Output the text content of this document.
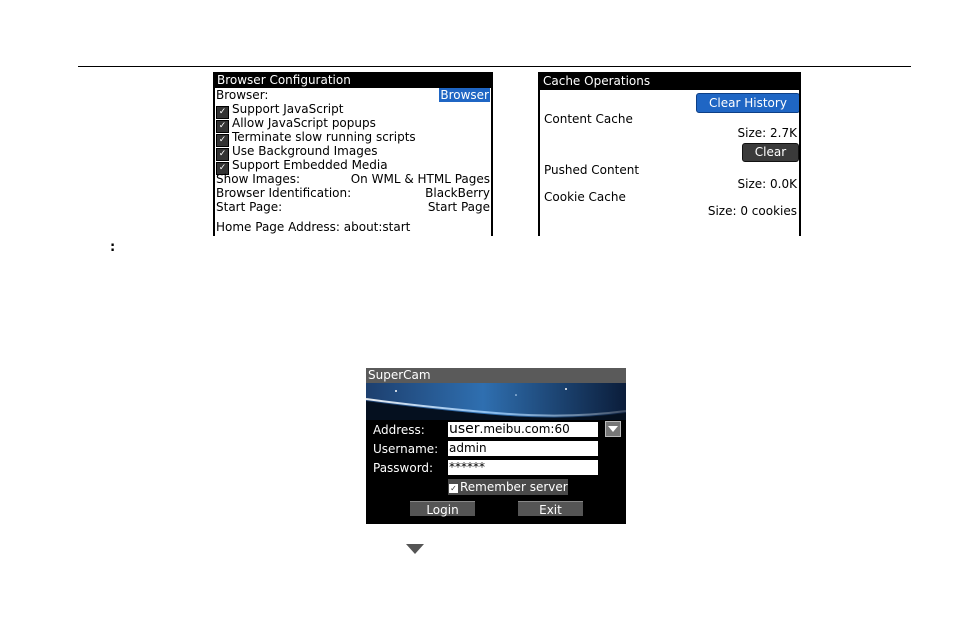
Browser Configuration
Browser:	Browser
✓ Support JavaScript
✓ Allow JavaScript popups
✓ Terminate slow running scripts
✓ Use Background Images
✓ Support Embedded Media
Show Images:	On WML & HTML Pages
Browser Identification:	BlackBerry
Start Page:	Start Page
Home Page Address: about:start
Cache Operations
Clear History
Content Cache
Size: 2.7K
Clear
Pushed Content
Size: 0.0K
Cookie Cache
Size: 0 cookies
:
SuperCam
Address: user.meibu.com:60
Username: admin
Password: ******
✓ Remember server
Login	Exit
